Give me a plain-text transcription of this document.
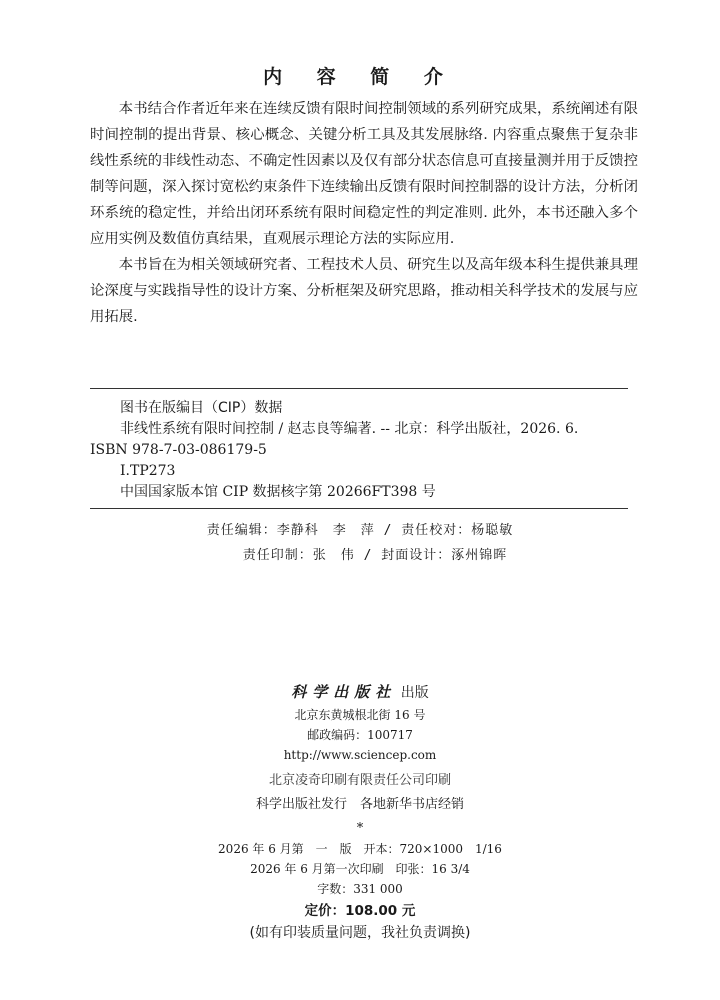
内 容 简 介

本书结合作者近年来在连续反馈有限时间控制领域的系列研究成果，系统阐述有限时间控制的提出背景、核心概念、关键分析工具及其发展脉络. 内容重点聚焦于复杂非线性系统的非线性动态、不确定性因素以及仅有部分状态信息可直接量测并用于反馈控制等问题，深入探讨宽松约束条件下连续输出反馈有限时间控制器的设计方法，分析闭环系统的稳定性，并给出闭环系统有限时间稳定性的判定准则. 此外，本书还融入多个应用实例及数值仿真结果，直观展示理论方法的实际应用.

本书旨在为相关领域研究者、工程技术人员、研究生以及高年级本科生提供兼具理论深度与实践指导性的设计方案、分析框架及研究思路，推动相关科学技术的发展与应用拓展.

图书在版编目（CIP）数据
非线性系统有限时间控制 / 赵志良等编著. -- 北京：科学出版社，2026. 6.
ISBN 978-7-03-086179-5
Ⅰ.TP273
中国国家版本馆 CIP 数据核字第 20266FT398 号
责任编辑：李静科　李　萍 / 责任校对：杨聪敏
责任印制：张　伟 / 封面设计：涿州锦晖
科学出版社 出版
北京东黄城根北街 16 号
邮政编码：100717
http://www.sciencep.com
北京凌奇印刷有限责任公司印刷
科学出版社发行　各地新华书店经销
*
2026 年 6 月第　一　版 开本：720×1000　1/16
2026 年 6 月第一次印刷 印张：16 3/4
字数：331 000
定价：108.00 元
(如有印装质量问题，我社负责调换)
